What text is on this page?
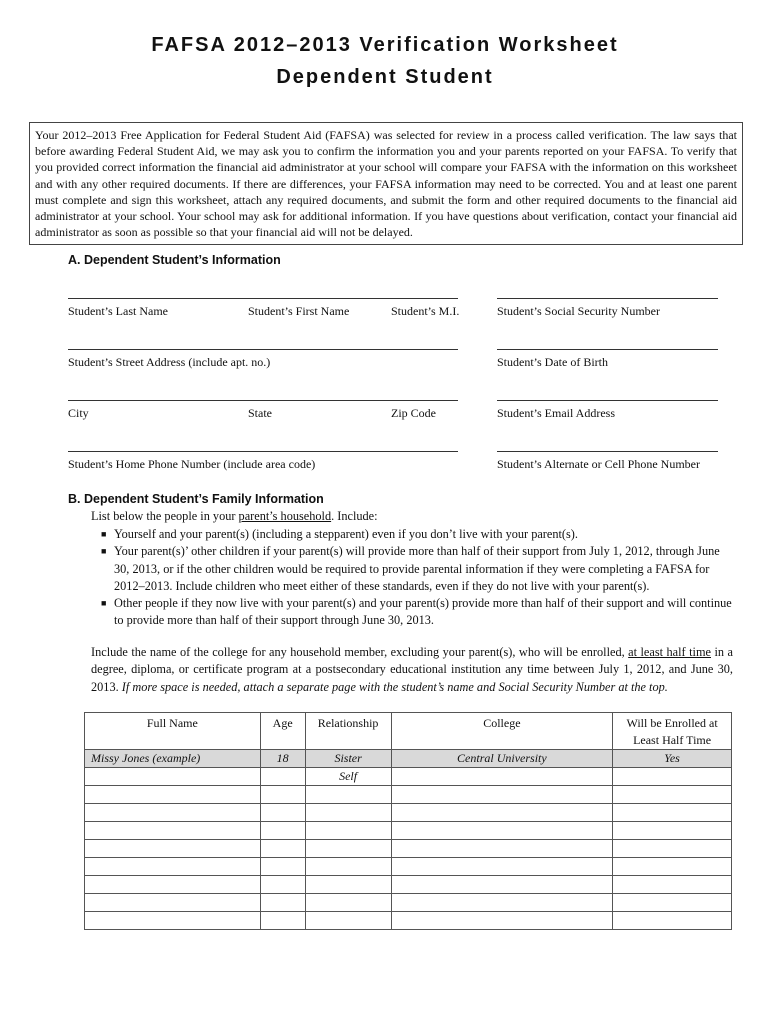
FAFSA 2012–2013 Verification Worksheet
Dependent Student
Your 2012–2013 Free Application for Federal Student Aid (FAFSA) was selected for review in a process called verification. The law says that before awarding Federal Student Aid, we may ask you to confirm the information you and your parents reported on your FAFSA. To verify that you provided correct information the financial aid administrator at your school will compare your FAFSA with the information on this worksheet and with any other required documents. If there are differences, your FAFSA information may need to be corrected. You and at least one parent must complete and sign this worksheet, attach any required documents, and submit the form and other required documents to the financial aid administrator at your school. Your school may ask for additional information. If you have questions about verification, contact your financial aid administrator as soon as possible so that your financial aid will not be delayed.
A. Dependent Student’s Information
Student’s Last Name	Student’s First Name	Student’s M.I.	Student’s Social Security Number
Student’s Street Address (include apt. no.)	Student’s Date of Birth
City	State	Zip Code	Student’s Email Address
Student’s Home Phone Number (include area code)	Student’s Alternate or Cell Phone Number
B. Dependent Student’s Family Information
List below the people in your parent’s household. Include:
■ Yourself and your parent(s) (including a stepparent) even if you don’t live with your parent(s).
■ Your parent(s)’ other children if your parent(s) will provide more than half of their support from July 1, 2012, through June 30, 2013, or if the other children would be required to provide parental information if they were completing a FAFSA for 2012–2013. Include children who meet either of these standards, even if they do not live with your parent(s).
■ Other people if they now live with your parent(s) and your parent(s) provide more than half of their support and will continue to provide more than half of their support through June 30, 2013.
Include the name of the college for any household member, excluding your parent(s), who will be enrolled, at least half time in a degree, diploma, or certificate program at a postsecondary educational institution any time between July 1, 2012, and June 30, 2013. If more space is needed, attach a separate page with the student’s name and Social Security Number at the top.
Full Name	Age	Relationship	College	Will be Enrolled at
Least Half Time
Missy Jones (example)	18	Sister	Central University	Yes
		Self		
